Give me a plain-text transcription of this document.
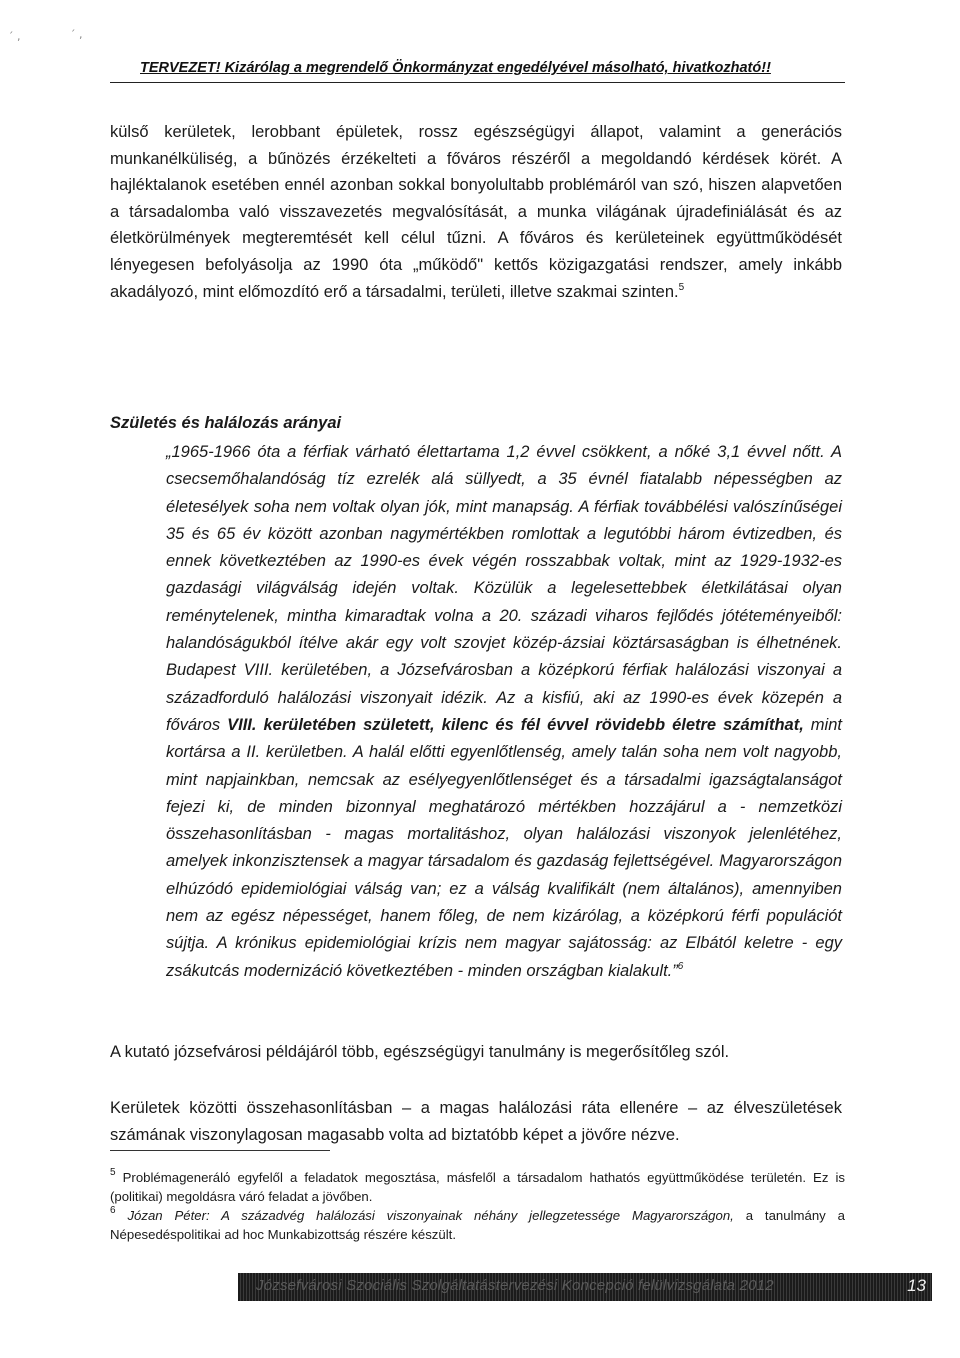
ˊ ,
ˊ ,
TERVEZET! Kizárólag a megrendelő Önkormányzat engedélyével másolható, hivatkozható!!

külső kerületek, lerobbant épületek, rossz egészségügyi állapot, valamint a generációs munkanélküliség, a bűnözés érzékelteti a főváros részéről a megoldandó kérdések körét. A hajléktalanok esetében ennél azonban sokkal bonyolultabb problémáról van szó, hiszen alapvetően a társadalomba való visszavezetés megvalósítását, a munka világának újradefiniálását és az életkörülmények megteremtését kell célul tűzni. A főváros és kerületeinek együttműködését lényegesen befolyásolja az 1990 óta „működő" kettős közigazgatási rendszer, amely inkább akadályozó, mint előmozdító erő a társadalmi, területi, illetve szakmai szinten.$^5$

Születés és halálozás arányai

„1965-1966 óta a férfiak várható élettartama 1,2 évvel csökkent, a nőké 3,1 évvel nőtt. A csecsemőhalandóság tíz ezrelék alá süllyedt, a 35 évnél fiatalabb népességben az életesélyek soha nem voltak olyan jók, mint manapság. A férfiak továbbélési valószínűségei 35 és 65 év között azonban nagymértékben romlottak a legutóbbi három évtizedben, és ennek következtében az 1990-es évek végén rosszabbak voltak, mint az 1929-1932-es gazdasági világválság idején voltak. Közülük a legelesettebbek életkilátásai olyan reménytelenek, mintha kimaradtak volna a 20. századi viharos fejlődés jótéteményeiből: halandóságukból ítélve akár egy volt szovjet közép-ázsiai köztársaságban is élhetnének. Budapest VIII. kerületében, a Józsefvárosban a középkorú férfiak halálozási viszonyai a századforduló halálozási viszonyait idézik. Az a kisfiú, aki az 1990-es évek közepén a főváros VIII. kerületében született, kilenc és fél évvel rövidebb életre számíthat, mint kortársa a II. kerületben. A halál előtti egyenlőtlenség, amely talán soha nem volt nagyobb, mint napjainkban, nemcsak az esélyegyenlőtlenséget és a társadalmi igazságtalanságot fejezi ki, de minden bizonnyal meghatározó mértékben hozzájárul a - nemzetközi összehasonlításban - magas mortalitáshoz, olyan halálozási viszonyok jelenlétéhez, amelyek inkonzisztensek a magyar társadalom és gazdaság fejlettségével. Magyarországon elhúzódó epidemiológiai válság van; ez a válság kvalifikált (nem általános), amennyiben nem az egész népességet, hanem főleg, de nem kizárólag, a középkorú férfi populációt sújtja. A krónikus epidemiológiai krízis nem magyar sajátosság: az Elbától keletre - egy zsákutcás modernizáció következtében - minden országban kialakult.”$^6$

A kutató józsefvárosi példájáról több, egészségügyi tanulmány is megerősítőleg szól.

Kerületek közötti összehasonlításban – a magas halálozási ráta ellenére – az élveszületések számának viszonylagosan magasabb volta ad biztatóbb képet a jövőre nézve.

$^5$ Problémagenerálό egyfelől a feladatok megosztása, másfelől a társadalom hathatós együttműködése területén. Ez is (politikai) megoldásra váró feladat a jövőben.

$^6$ Józan Péter: A századvég halálozási viszonyainak néhány jellegzetessége Magyarországon, a tanulmány a Népesedéspolitikai ad hoc Munkabizottság részére készült.

Józsefvárosi Szociális Szolgáltatástervezési Koncepció felülvizsgálata 2012	13
